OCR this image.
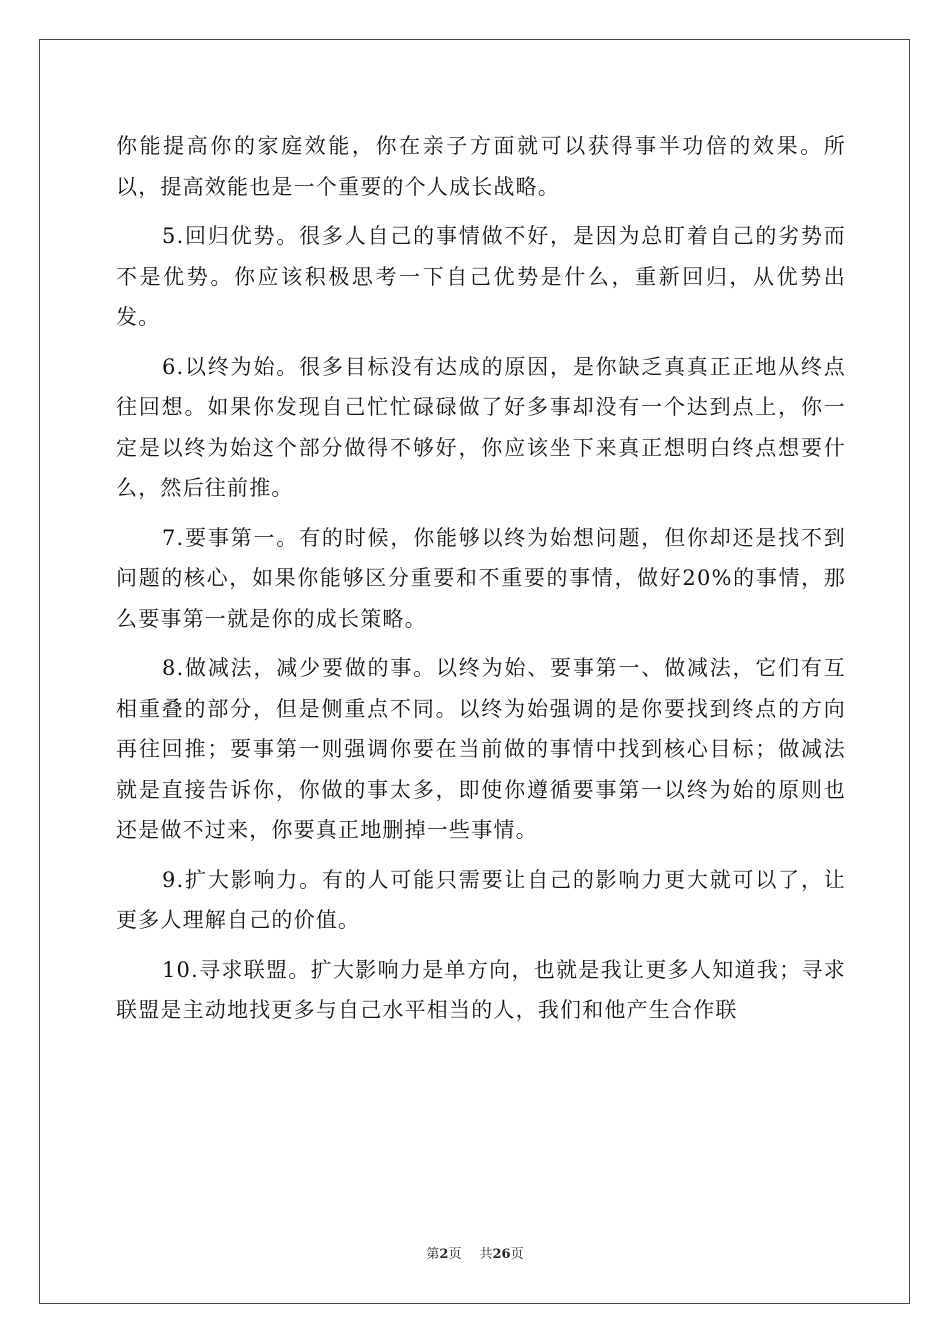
你能提高你的家庭效能，你在亲子方面就可以获得事半功倍的效果。所以，提高效能也是一个重要的个人成长战略。

5.回归优势。很多人自己的事情做不好，是因为总盯着自己的劣势而不是优势。你应该积极思考一下自己优势是什么，重新回归，从优势出发。

6.以终为始。很多目标没有达成的原因，是你缺乏真真正正地从终点往回想。如果你发现自己忙忙碌碌做了好多事却没有一个达到点上，你一定是以终为始这个部分做得不够好，你应该坐下来真正想明白终点想要什么，然后往前推。

7.要事第一。有的时候，你能够以终为始想问题，但你却还是找不到问题的核心，如果你能够区分重要和不重要的事情，做好20%的事情，那么要事第一就是你的成长策略。

8.做减法，减少要做的事。以终为始、要事第一、做减法，它们有互相重叠的部分，但是侧重点不同。以终为始强调的是你要找到终点的方向再往回推；要事第一则强调你要在当前做的事情中找到核心目标；做减法就是直接告诉你，你做的事太多，即使你遵循要事第一以终为始的原则也还是做不过来，你要真正地删掉一些事情。

9.扩大影响力。有的人可能只需要让自己的影响力更大就可以了，让更多人理解自己的价值。

10.寻求联盟。扩大影响力是单方向，也就是我让更多人知道我；寻求联盟是主动地找更多与自己水平相当的人，我们和他产生合作联

第2页 共26页
